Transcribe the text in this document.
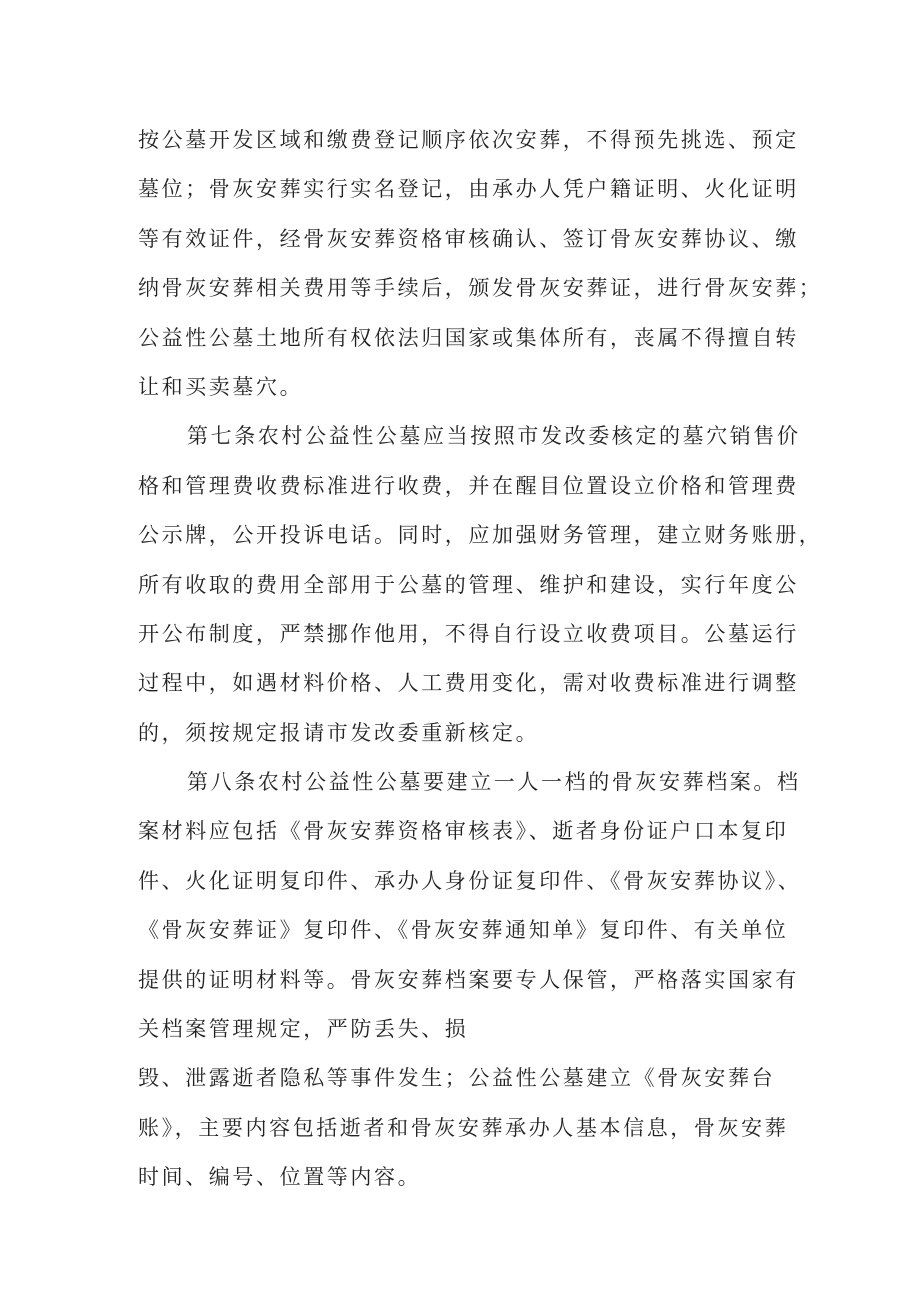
按公墓开发区域和缴费登记顺序依次安葬，不得预先挑选、预定
墓位；骨灰安葬实行实名登记，由承办人凭户籍证明、火化证明
等有效证件，经骨灰安葬资格审核确认、签订骨灰安葬协议、缴
纳骨灰安葬相关费用等手续后，颁发骨灰安葬证，进行骨灰安葬；
公益性公墓土地所有权依法归国家或集体所有，丧属不得擅自转
让和买卖墓穴。
第七条农村公益性公墓应当按照市发改委核定的墓穴销售价
格和管理费收费标准进行收费，并在醒目位置设立价格和管理费
公示牌，公开投诉电话。同时，应加强财务管理，建立财务账册，
所有收取的费用全部用于公墓的管理、维护和建设，实行年度公
开公布制度，严禁挪作他用，不得自行设立收费项目。公墓运行
过程中，如遇材料价格、人工费用变化，需对收费标准进行调整
的，须按规定报请市发改委重新核定。
第八条农村公益性公墓要建立一人一档的骨灰安葬档案。档
案材料应包括《骨灰安葬资格审核表》、逝者身份证户口本复印
件、火化证明复印件、承办人身份证复印件、《骨灰安葬协议》、
《骨灰安葬证》复印件、《骨灰安葬通知单》复印件、有关单位
提供的证明材料等。骨灰安葬档案要专人保管，严格落实国家有
关档案管理规定，严防丢失、损
毁、泄露逝者隐私等事件发生；公益性公墓建立《骨灰安葬台
账》，主要内容包括逝者和骨灰安葬承办人基本信息，骨灰安葬
时间、编号、位置等内容。
